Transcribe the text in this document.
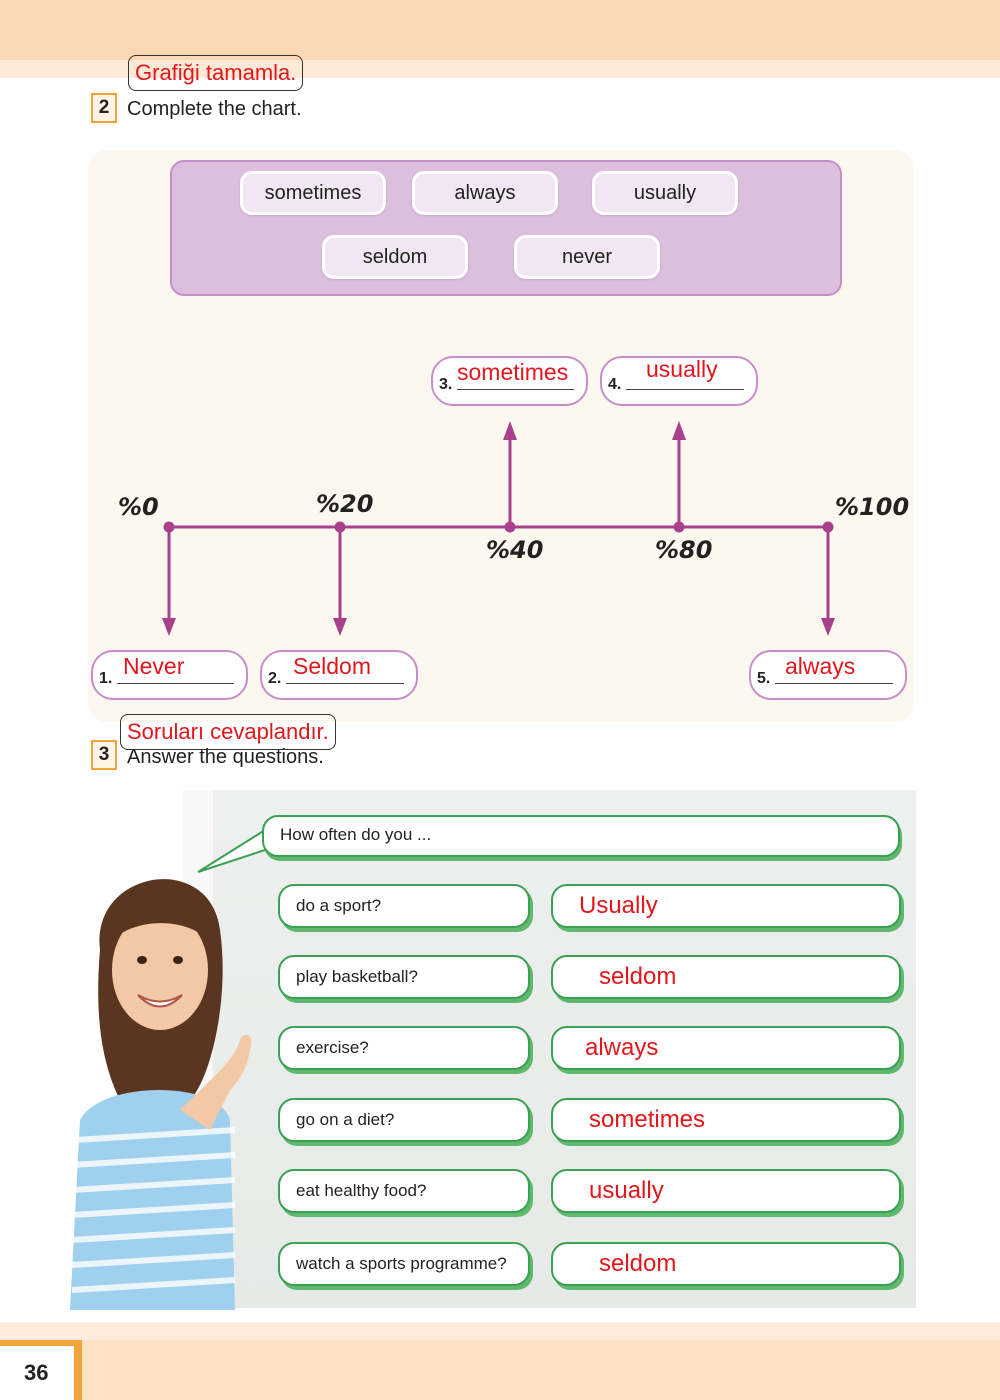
Grafiği tamamla.
2 Complete the chart.
sometimes	always	usually
seldom	never
%0	%20
%40	%80
%100
1. Never	2. Seldom
3. sometimes 4.
usually
5. always
3 Answer the questions.
Soruları cevaplandır.
How often do you ...
do a sport?	Usually
play basketball?	seldom
exercise?	always
go on a diet?	sometimes
eat healthy food?	usually
watch a sports programme?	seldom
36
